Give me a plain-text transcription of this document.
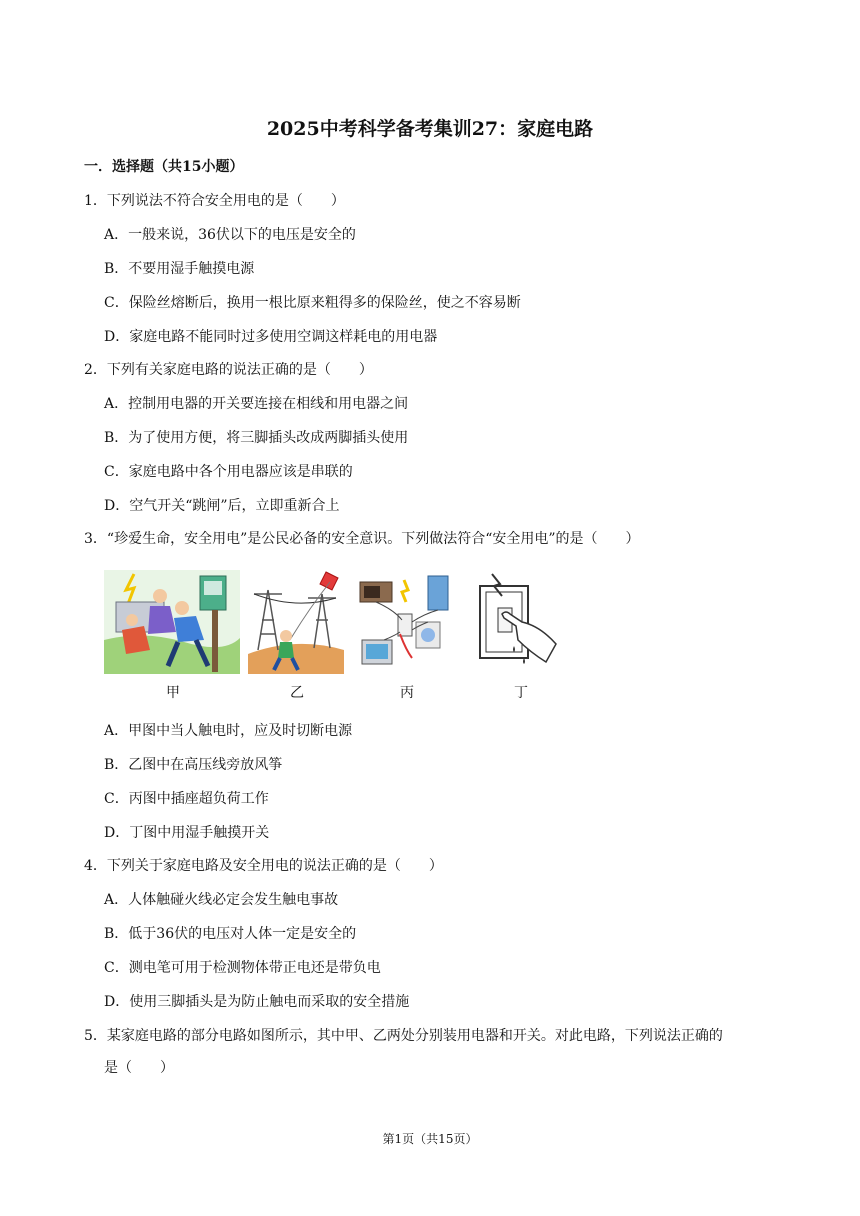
2025中考科学备考集训27：家庭电路
一．选择题（共15小题）
1．下列说法不符合安全用电的是（　　）
A．一般来说，36伏以下的电压是安全的
B．不要用湿手触摸电源
C．保险丝熔断后，换用一根比原来粗得多的保险丝，使之不容易断
D．家庭电路不能同时过多使用空调这样耗电的用电器
2．下列有关家庭电路的说法正确的是（　　）
A．控制用电器的开关要连接在相线和用电器之间
B．为了使用方便，将三脚插头改成两脚插头使用
C．家庭电路中各个用电器应该是串联的
D．空气开关“跳闸”后，立即重新合上
3．“珍爱生命，安全用电”是公民必备的安全意识。下列做法符合“安全用电”的是（　　）
甲	乙	丙	丁
A．甲图中当人触电时，应及时切断电源
B．乙图中在高压线旁放风筝
C．丙图中插座超负荷工作
D．丁图中用湿手触摸开关
4．下列关于家庭电路及安全用电的说法正确的是（　　）
A．人体触碰火线必定会发生触电事故
B．低于36伏的电压对人体一定是安全的
C．测电笔可用于检测物体带正电还是带负电
D．使用三脚插头是为防止触电而采取的安全措施
5．某家庭电路的部分电路如图所示，其中甲、乙两处分别装用电器和开关。对此电路，下列说法正确的
是（　　）
第1页（共15页）
